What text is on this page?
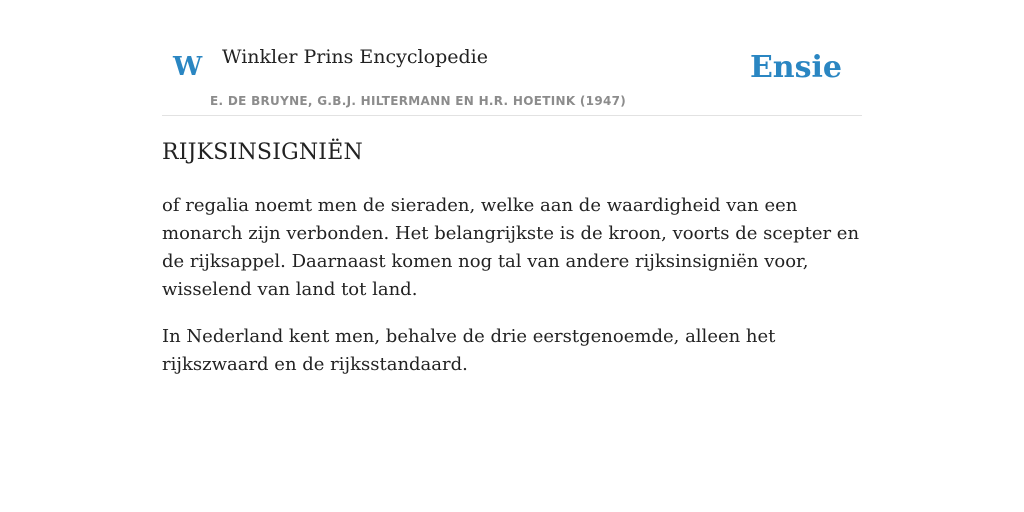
W Winkler Prins Encyclopedie
E. DE BRUYNE, G.B.J. HILTERMANN EN H.R. HOETINK (1947)
Ensie
RIJKSINSIGNIËN

of regalia noemt men de sieraden, welke aan de waardigheid van een monarch zijn verbonden. Het belangrijkste is de kroon, voorts de scepter en de rijksappel. Daarnaast komen nog tal van andere rijksinsigniën voor, wisselend van land tot land.

In Nederland kent men, behalve de drie eerstgenoemde, alleen het rijkszwaard en de rijksstandaard.
